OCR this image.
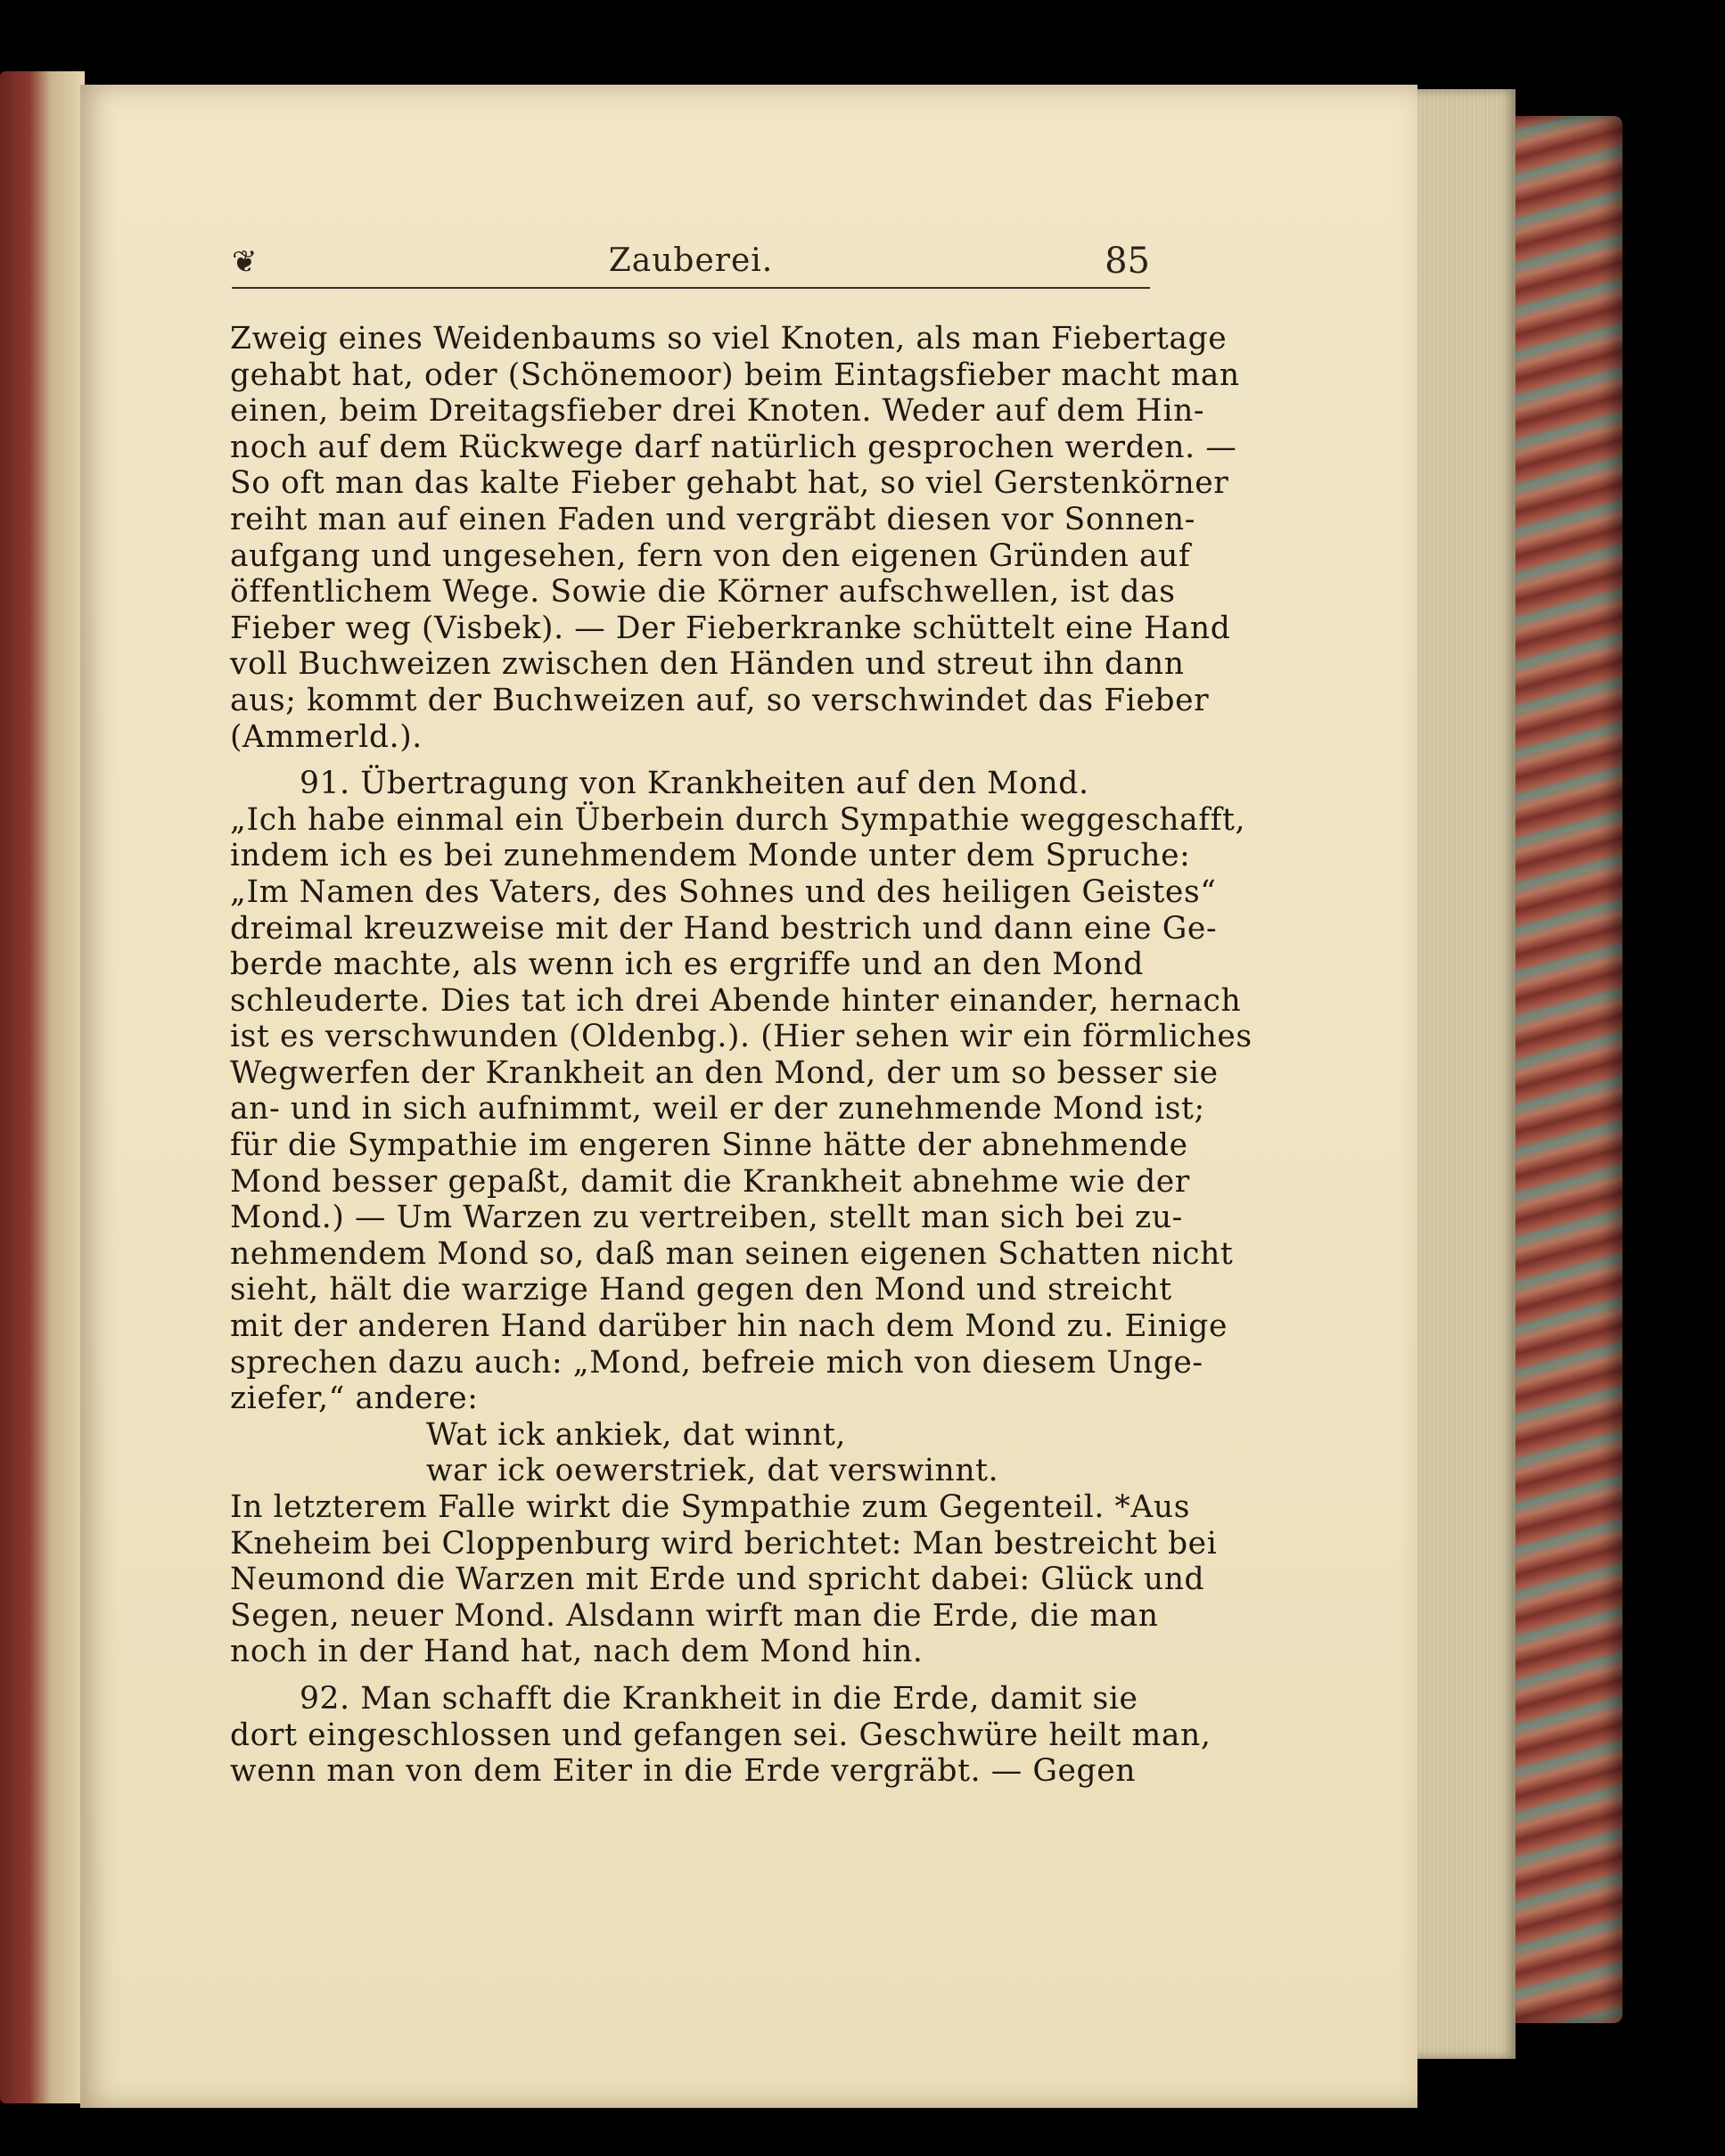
❦	Zauberei.	85
Zweig eines Weidenbaums so viel Knoten, als man Fiebertage
gehabt hat, oder (Schönemoor) beim Eintagsfieber macht man
einen, beim Dreitagsfieber drei Knoten. Weder auf dem Hin-
noch auf dem Rückwege darf natürlich gesprochen werden. —
So oft man das kalte Fieber gehabt hat, so viel Gerstenkörner
reiht man auf einen Faden und vergräbt diesen vor Sonnen-
aufgang und ungesehen, fern von den eigenen Gründen auf
öffentlichem Wege. Sowie die Körner aufschwellen, ist das
Fieber weg (Visbek). — Der Fieberkranke schüttelt eine Hand
voll Buchweizen zwischen den Händen und streut ihn dann
aus; kommt der Buchweizen auf, so verschwindet das Fieber
(Ammerld.).
91. Übertragung von Krankheiten auf den Mond.
„Ich habe einmal ein Überbein durch Sympathie weggeschafft,
indem ich es bei zunehmendem Monde unter dem Spruche:
„Im Namen des Vaters, des Sohnes und des heiligen Geistes“
dreimal kreuzweise mit der Hand bestrich und dann eine Ge-
berde machte, als wenn ich es ergriffe und an den Mond
schleuderte. Dies tat ich drei Abende hinter einander, hernach
ist es verschwunden (Oldenbg.). (Hier sehen wir ein förmliches
Wegwerfen der Krankheit an den Mond, der um so besser sie
an- und in sich aufnimmt, weil er der zunehmende Mond ist;
für die Sympathie im engeren Sinne hätte der abnehmende
Mond besser gepaßt, damit die Krankheit abnehme wie der
Mond.) — Um Warzen zu vertreiben, stellt man sich bei zu-
nehmendem Mond so, daß man seinen eigenen Schatten nicht
sieht, hält die warzige Hand gegen den Mond und streicht
mit der anderen Hand darüber hin nach dem Mond zu. Einige
sprechen dazu auch: „Mond, befreie mich von diesem Unge-
ziefer,“ andere:
Wat ick ankiek, dat winnt,
war ick oewerstriek, dat verswinnt.
In letzterem Falle wirkt die Sympathie zum Gegenteil. *Aus
Kneheim bei Cloppenburg wird berichtet: Man bestreicht bei
Neumond die Warzen mit Erde und spricht dabei: Glück und
Segen, neuer Mond. Alsdann wirft man die Erde, die man
noch in der Hand hat, nach dem Mond hin.
92. Man schafft die Krankheit in die Erde, damit sie
dort eingeschlossen und gefangen sei. Geschwüre heilt man,
wenn man von dem Eiter in die Erde vergräbt. — Gegen
